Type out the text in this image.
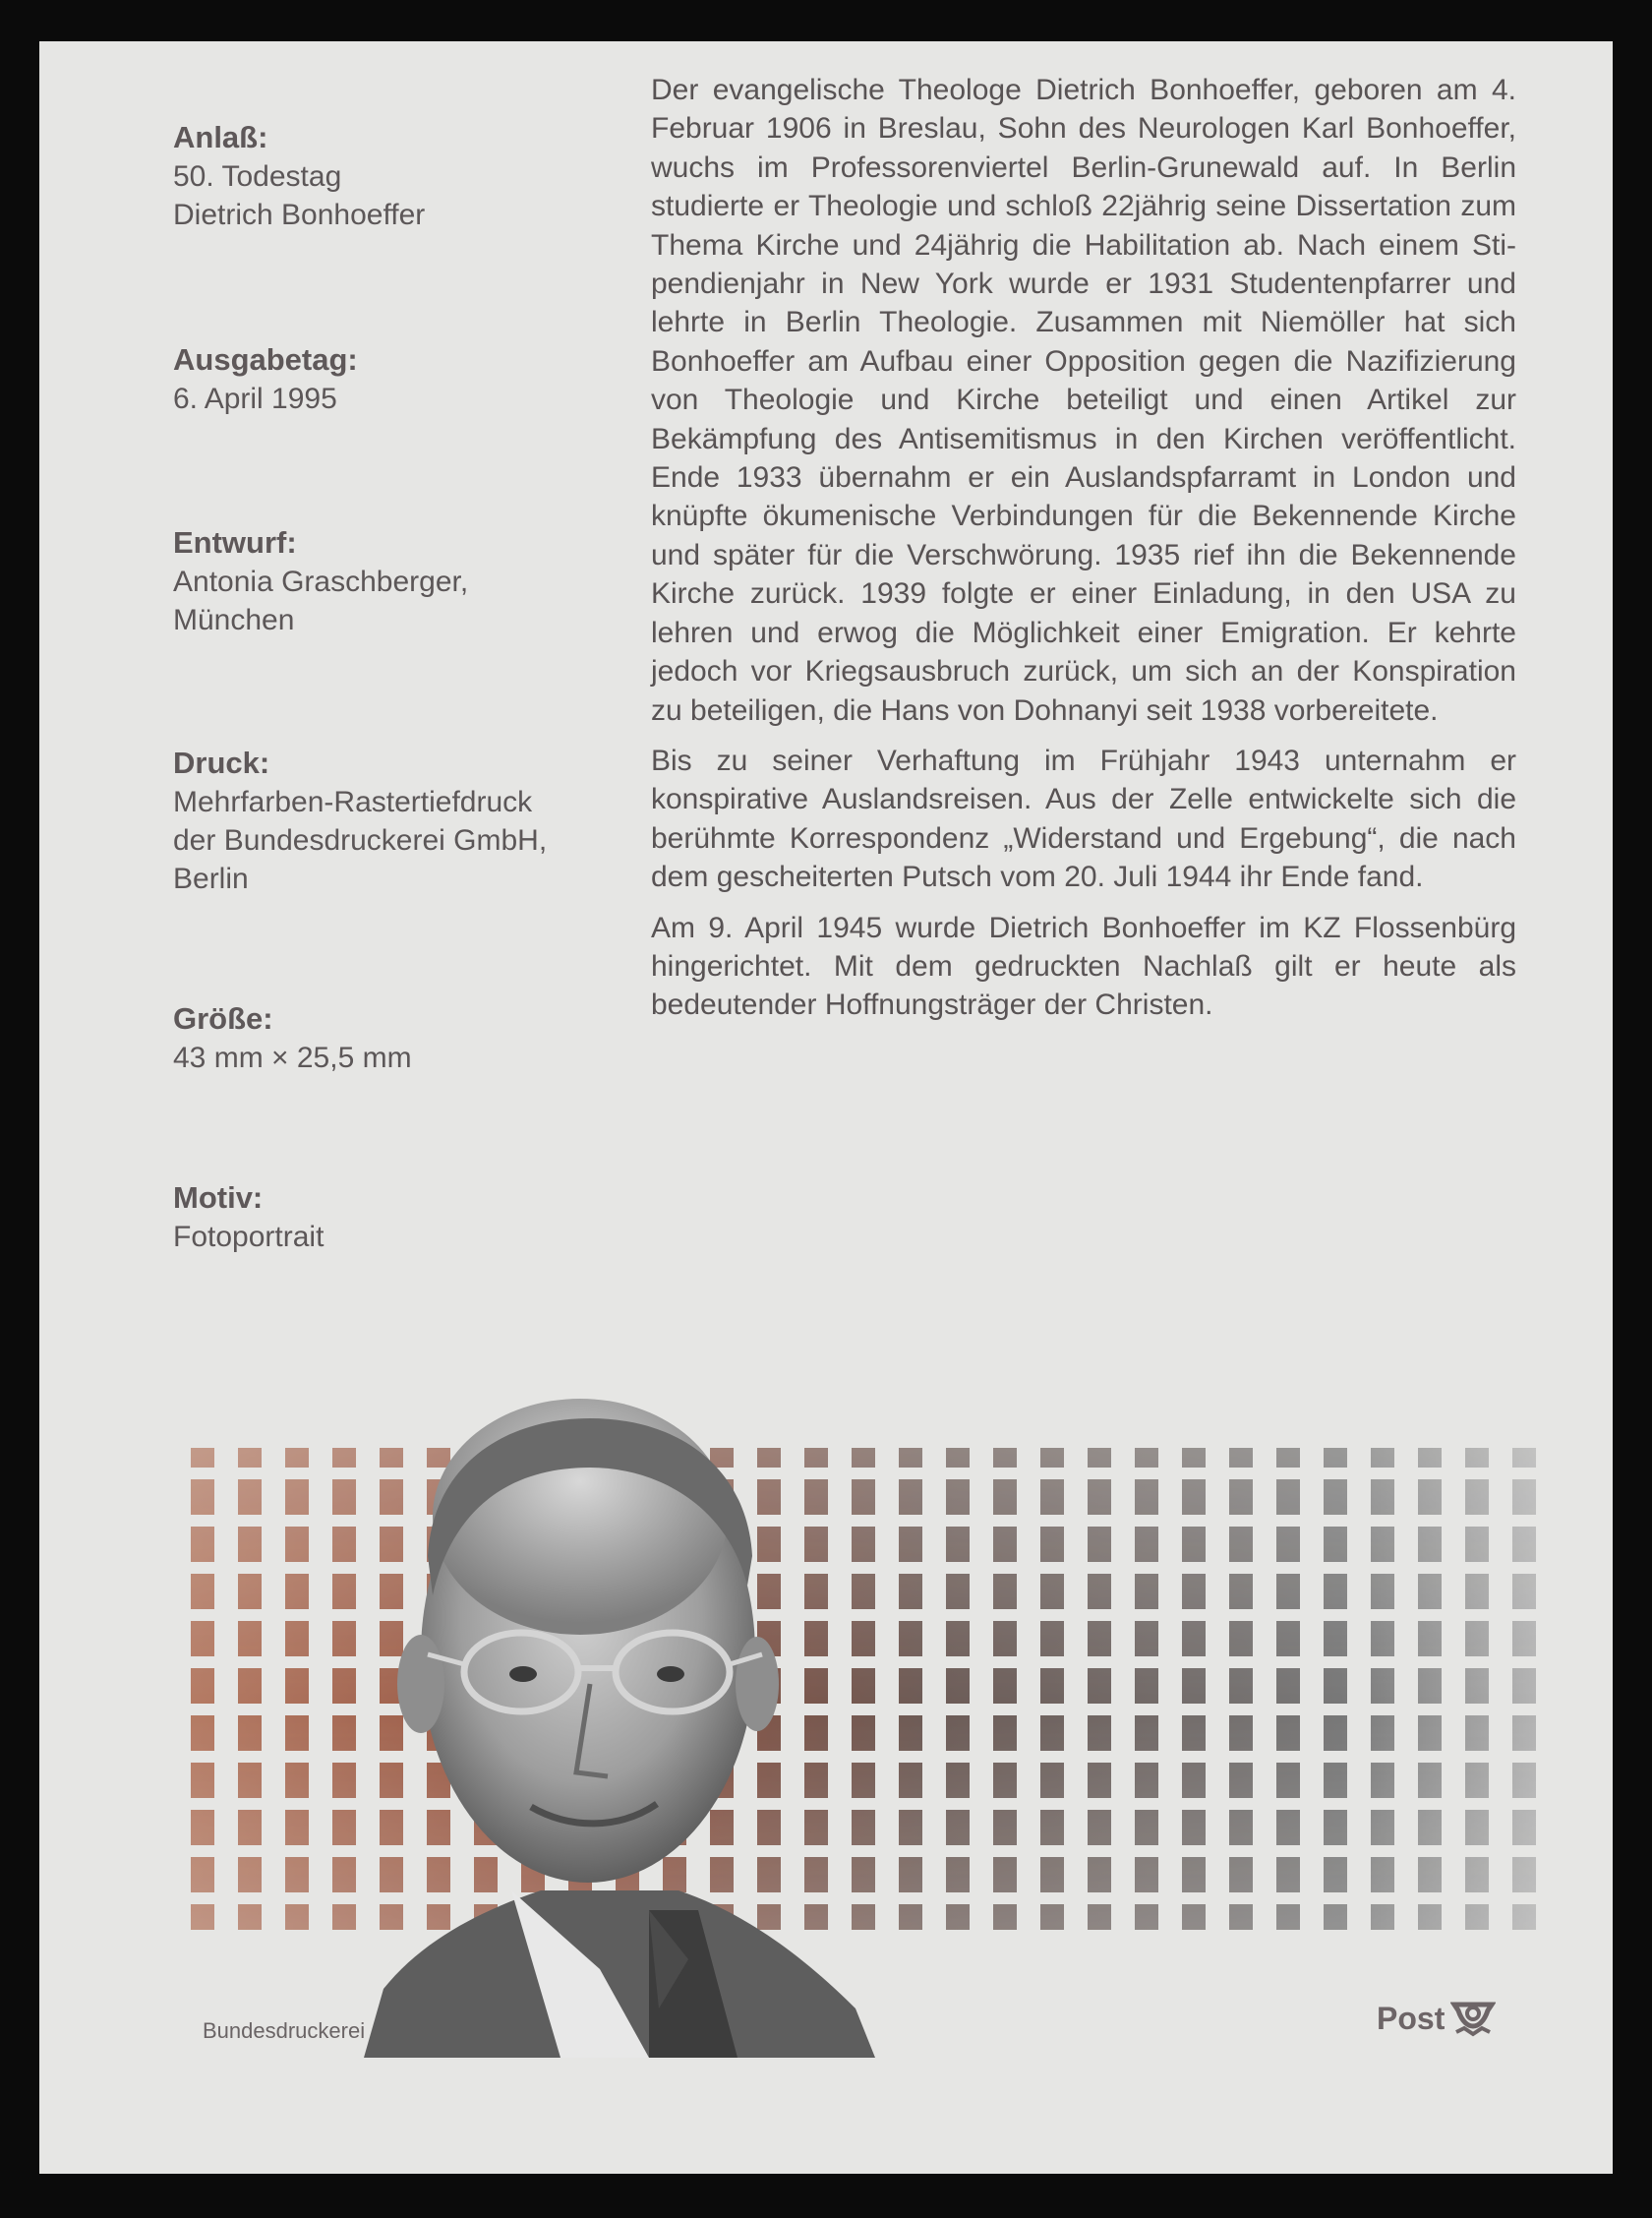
Anlaß:

50. Todestag
Dietrich Bonhoeffer

Ausgabetag:

6. April 1995

Entwurf:

Antonia Graschberger,
München

Druck:

Mehrfarben-Rastertiefdruck
der Bundesdruckerei GmbH,
Berlin

Größe:

43 mm × 25,5 mm

Motiv:

Fotoportrait

Der evangelische Theologe Dietrich Bonhoeffer, geboren am 4. Februar 1906 in Breslau, Sohn des Neurologen Karl Bonhoeffer, wuchs im Professorenviertel Berlin-Grunewald auf. In Berlin studierte er Theologie und schloß 22jährig seine Dissertation zum Thema Kirche und 24jährig die Habilitation ab. Nach einem Stipendienjahr in New York wurde er 1931 Studentenpfarrer und lehrte in Berlin Theologie. Zusammen mit Niemöller hat sich Bonhoeffer am Aufbau einer Opposition gegen die Nazifizierung von Theologie und Kirche beteiligt und einen Artikel zur Bekämpfung des Antisemitismus in den Kirchen veröffentlicht. Ende 1933 übernahm er ein Auslandspfarramt in London und knüpfte ökumenische Verbindungen für die Bekennende Kirche und später für die Verschwörung. 1935 rief ihn die Bekennende Kirche zurück. 1939 folgte er einer Einladung, in den USA zu lehren und erwog die Möglichkeit einer Emigration. Er kehrte jedoch vor Kriegsausbruch zurück, um sich an der Konspiration zu beteiligen, die Hans von Dohnanyi seit 1938 vorbereitete.

Bis zu seiner Verhaftung im Frühjahr 1943 unternahm er konspirative Auslandsreisen. Aus der Zelle entwickelte sich die berühmte Korrespondenz „Widerstand und Ergebung“, die nach dem gescheiterten Putsch vom 20. Juli 1944 ihr Ende fand.

Am 9. April 1945 wurde Dietrich Bonhoeffer im KZ Flossenbürg hingerichtet. Mit dem gedruckten Nachlaß gilt er heute als bedeutender Hoffnungsträger der Christen.

Bundesdruckerei	Post
